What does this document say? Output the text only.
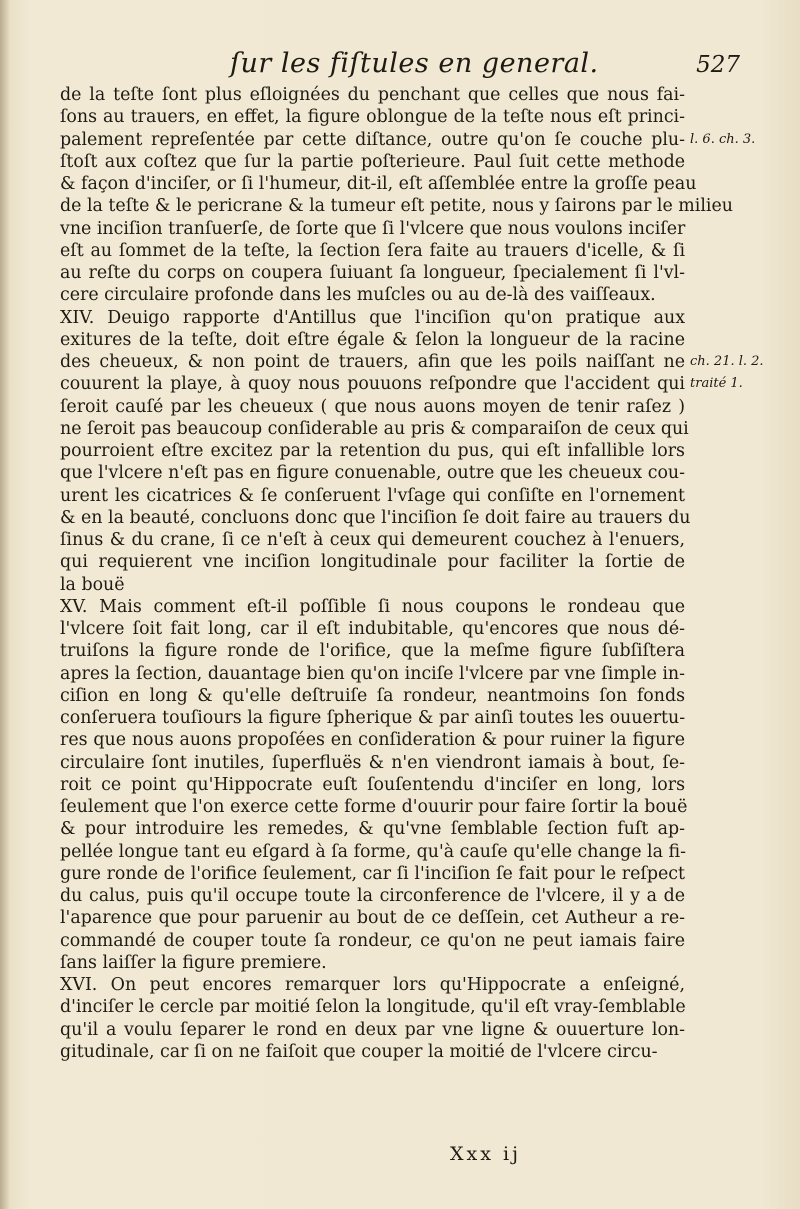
ſur les fiſtules en general.	527
de la teſte ſont plus eſloignées du penchant que celles que nous fai-
ſons au trauers, en effet, la figure oblongue de la teſte nous eſt princi-
palement repreſentée par cette diſtance, outre qu'on ſe couche plu-
ſtoſt aux coſtez que ſur la partie poſterieure. Paul ſuit cette methode
& façon d'inciſer, or ſi l'humeur, dit-il, eſt aſſemblée entre la groſſe peau
de la teſte & le pericrane & la tumeur eſt petite, nous y ſairons par le milieu
vne inciſion tranſuerſe, de ſorte que ſi l'vlcere que nous voulons inciſer
eſt au ſommet de la teſte, la ſection ſera faite au trauers d'icelle, & ſi
au reſte du corps on coupera ſuiuant ſa longueur, ſpecialement ſi l'vl-
cere circulaire profonde dans les muſcles ou au de-là des vaiſſeaux.
XIV. Deuigo rapporte d'Antillus que l'inciſion qu'on pratique aux
exitures de la teſte, doit eſtre égale & ſelon la longueur de la racine
des cheueux, & non point de trauers, afin que les poils naiſſant ne
couurent la playe, à quoy nous pouuons reſpondre que l'accident qui
ſeroit cauſé par les cheueux ( que nous auons moyen de tenir raſez )
ne ſeroit pas beaucoup conſiderable au pris & comparaiſon de ceux qui
pourroient eſtre excitez par la retention du pus, qui eſt infallible lors
que l'vlcere n'eſt pas en figure conuenable, outre que les cheueux cou-
urent les cicatrices & ſe conſeruent l'vſage qui conſiſte en l'ornement
& en la beauté, concluons donc que l'inciſion ſe doit faire au trauers du
ſinus & du crane, ſi ce n'eſt à ceux qui demeurent couchez à l'enuers,
qui requierent vne inciſion longitudinale pour faciliter la ſortie de
la bouë
XV. Mais comment eſt-il poſſible ſi nous coupons le rondeau que
l'vlcere ſoit fait long, car il eſt indubitable, qu'encores que nous dé-
truiſons la figure ronde de l'orifice, que la meſme figure ſubſiſtera
apres la ſection, dauantage bien qu'on inciſe l'vlcere par vne ſimple in-
ciſion en long & qu'elle deſtruiſe ſa rondeur, neantmoins ſon fonds
conſeruera touſiours la figure ſpherique & par ainſi toutes les ouuertu-
res que nous auons propoſées en conſideration & pour ruiner la figure
circulaire ſont inutiles, ſuperfluës & n'en viendront iamais à bout, ſe-
roit ce point qu'Hippocrate euſt ſouſentendu d'inciſer en long, lors
ſeulement que l'on exerce cette forme d'ouurir pour faire ſortir la bouë
& pour introduire les remedes, & qu'vne ſemblable ſection fuſt ap-
pellée longue tant eu eſgard à ſa forme, qu'à cauſe qu'elle change la fi-
gure ronde de l'orifice ſeulement, car ſi l'inciſion ſe fait pour le reſpect
du calus, puis qu'il occupe toute la circonference de l'vlcere, il y a de
l'aparence que pour paruenir au bout de ce deſſein, cet Autheur a re-
commandé de couper toute ſa rondeur, ce qu'on ne peut iamais faire
ſans laiſſer la figure premiere.
XVI. On peut encores remarquer lors qu'Hippocrate a enſeigné,
d'inciſer le cercle par moitié ſelon la longitude, qu'il eſt vray-ſemblable
qu'il a voulu ſeparer le rond en deux par vne ligne & ouuerture lon-
gitudinale, car ſi on ne faiſoit que couper la moitié de l'vlcere circu-
l. 6. ch. 3.
ch. 21. l. 2.
traité 1.
Xxx ij
